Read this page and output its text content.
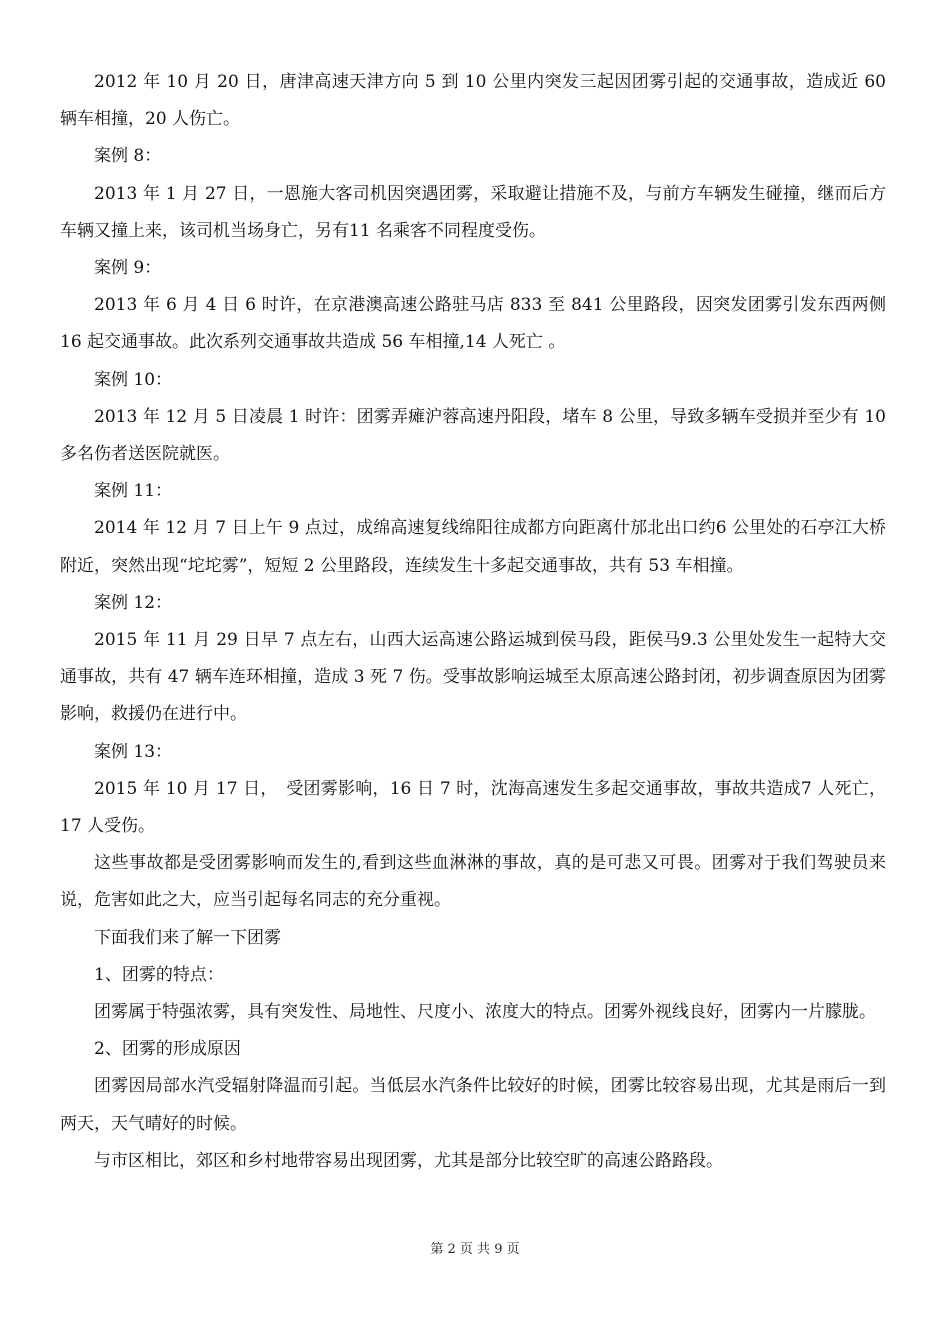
2012 年 10 月 20 日，唐津高速天津方向 5 到 10 公里内突发三起因团雾引起的交通事故，造成近 60 辆车相撞，20 人伤亡。

案例 8：

2013 年 1 月 27 日，一恩施大客司机因突遇团雾，采取避让措施不及，与前方车辆发生碰撞，继而后方车辆又撞上来，该司机当场身亡，另有11 名乘客不同程度受伤。

案例 9：

2013 年 6 月 4 日 6 时许，在京港澳高速公路驻马店 833 至 841 公里路段，因突发团雾引发东西两侧 16 起交通事故。此次系列交通事故共造成 56 车相撞,14 人死亡 。

案例 10：

2013 年 12 月 5 日凌晨 1 时许：团雾弄瘫沪蓉高速丹阳段，堵车 8 公里，导致多辆车受损并至少有 10 多名伤者送医院就医。

案例 11：

2014 年 12 月 7 日上午 9 点过，成绵高速复线绵阳往成都方向距离什邡北出口约6 公里处的石亭江大桥附近，突然出现“坨坨雾”，短短 2 公里路段，连续发生十多起交通事故，共有 53 车相撞。

案例 12：

2015 年 11 月 29 日早 7 点左右，山西大运高速公路运城到侯马段，距侯马9.3 公里处发生一起特大交通事故，共有 47 辆车连环相撞，造成 3 死 7 伤。受事故影响运城至太原高速公路封闭，初步调查原因为团雾影响，救援仍在进行中。

案例 13：

2015 年 10 月 17 日，　受团雾影响，16 日 7 时，沈海高速发生多起交通事故，事故共造成7 人死亡，17 人受伤。

这些事故都是受团雾影响而发生的,看到这些血淋淋的事故，真的是可悲又可畏。团雾对于我们驾驶员来说，危害如此之大，应当引起每名同志的充分重视。

下面我们来了解一下团雾

1、团雾的特点：

团雾属于特强浓雾，具有突发性、局地性、尺度小、浓度大的特点。团雾外视线良好，团雾内一片朦胧。

2、团雾的形成原因

团雾因局部水汽受辐射降温而引起。当低层水汽条件比较好的时候，团雾比较容易出现，尤其是雨后一到两天，天气晴好的时候。

与市区相比，郊区和乡村地带容易出现团雾，尤其是部分比较空旷的高速公路路段。

第 2 页 共 9 页
